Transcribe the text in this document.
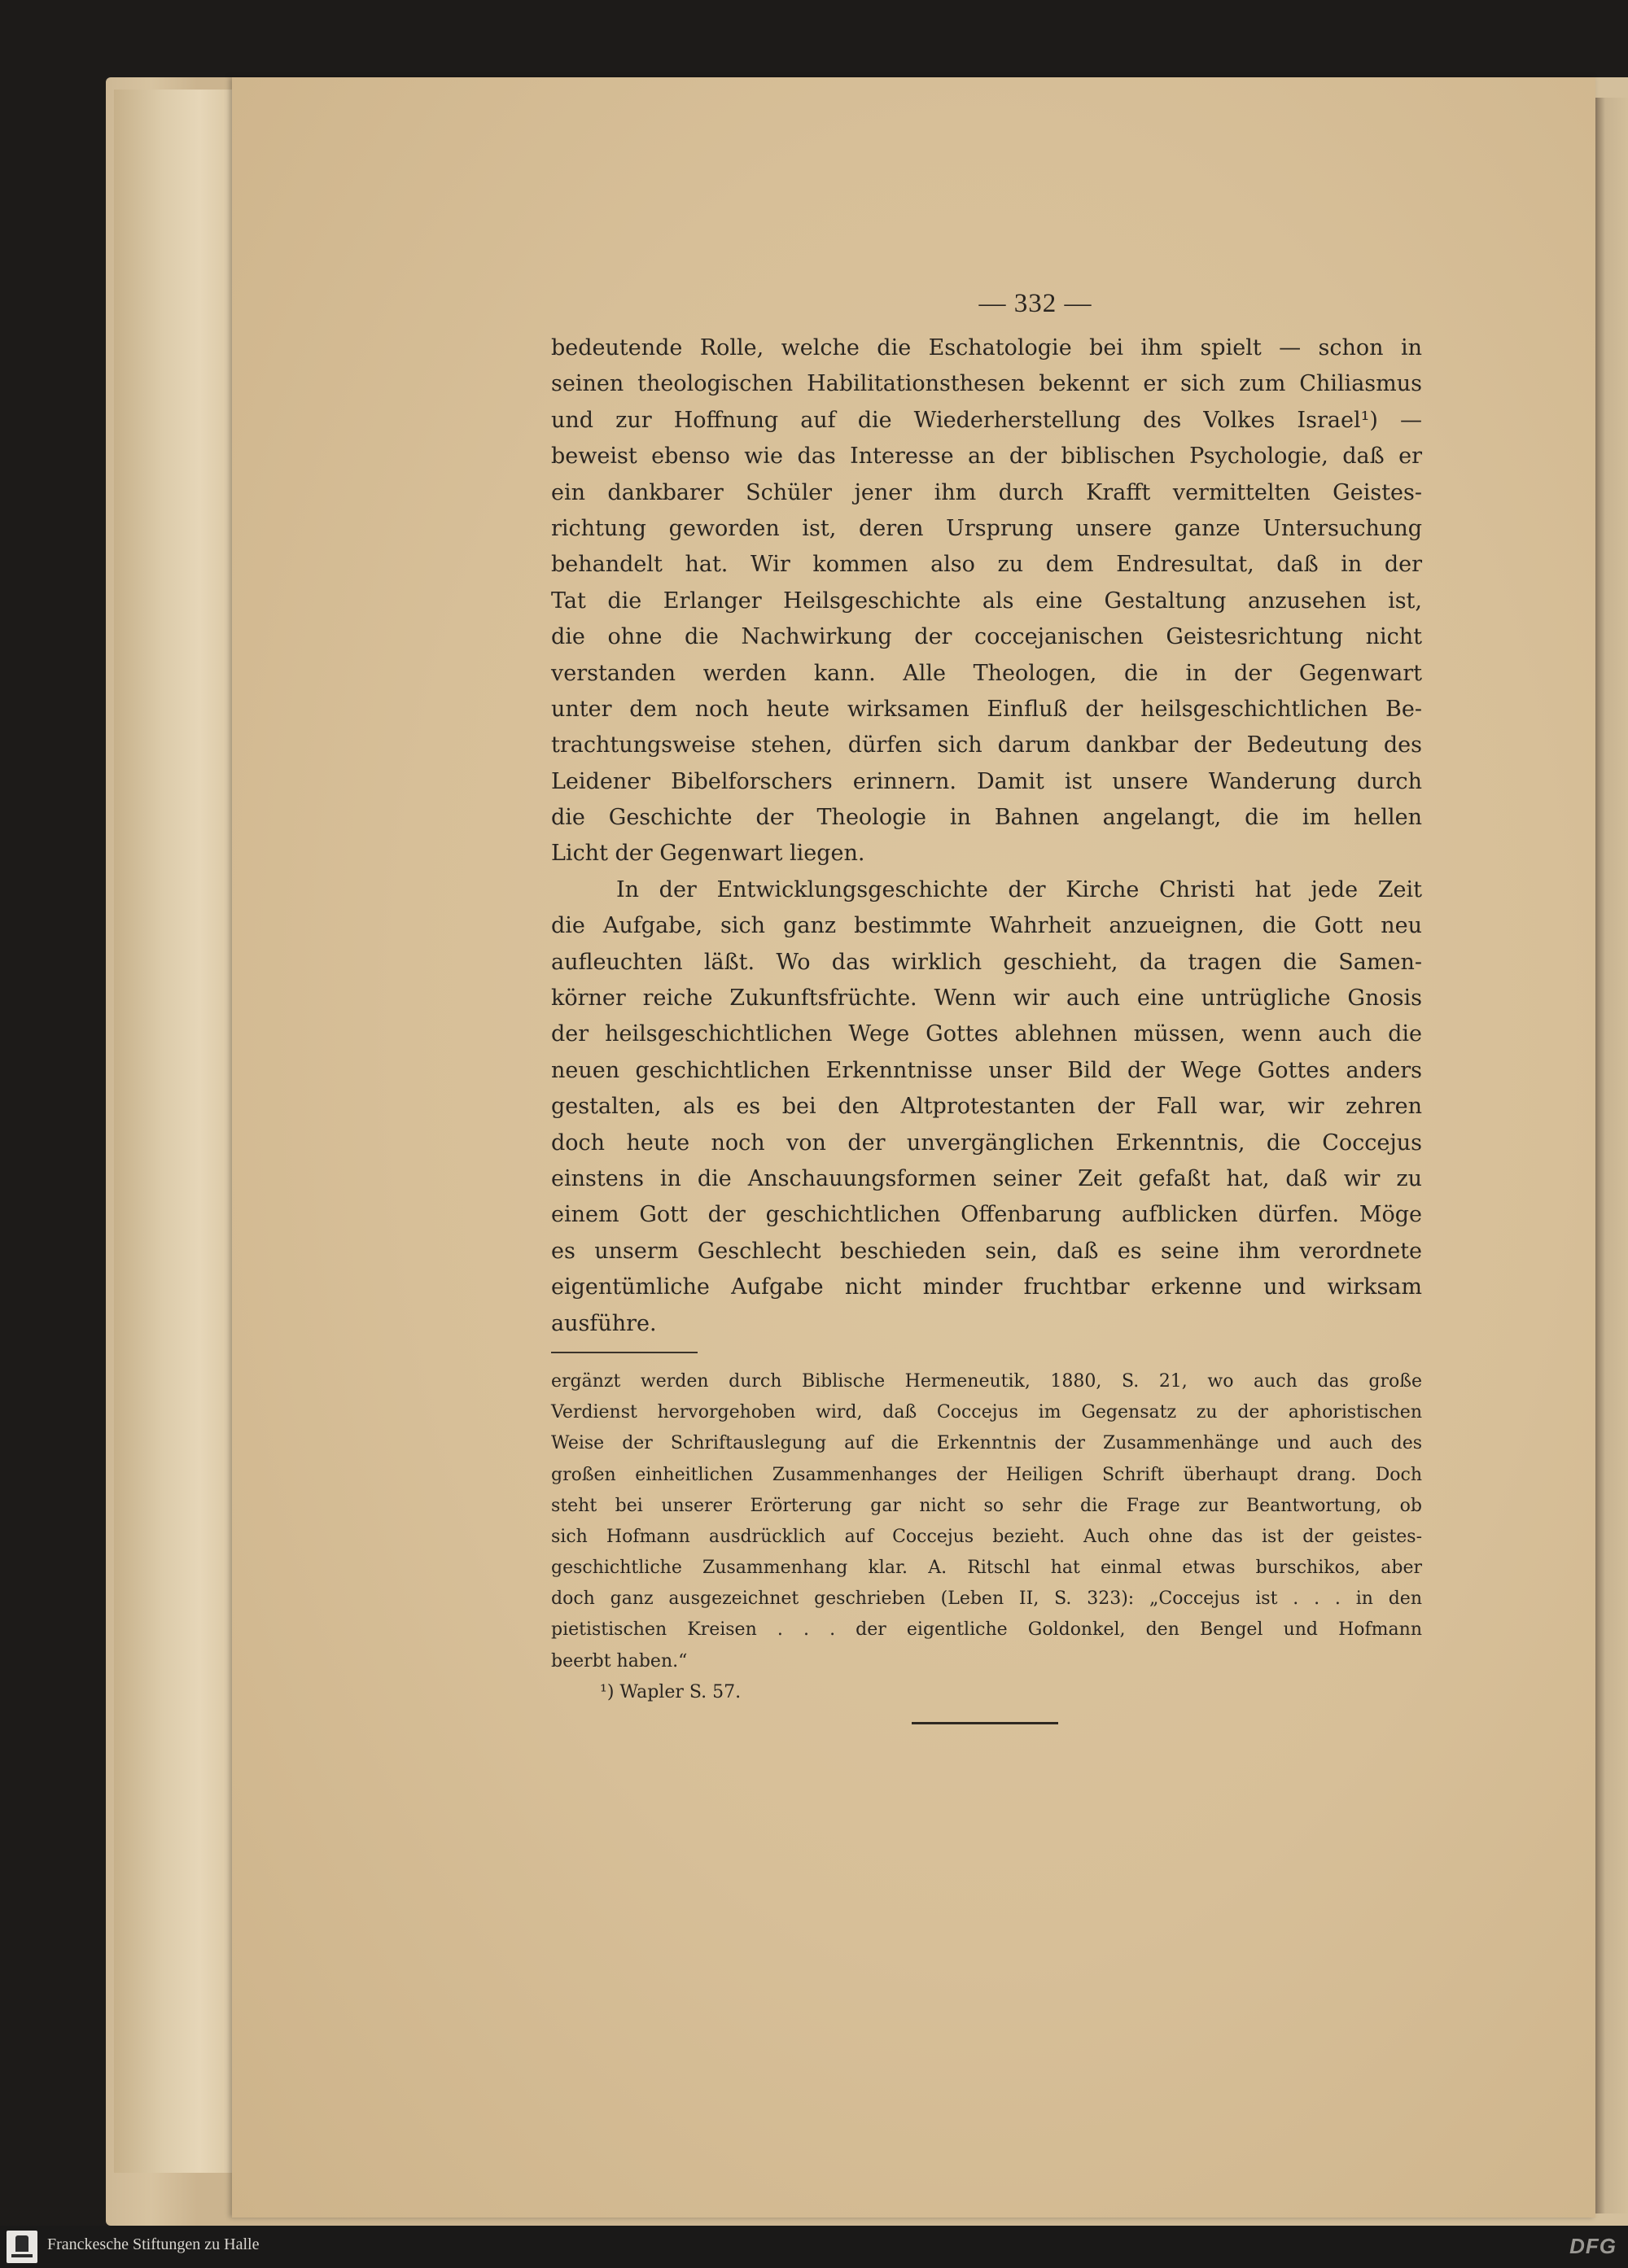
— 332 —
bedeutende Rolle, welche die Eschatologie bei ihm spielt — schon in
seinen theologischen Habilitationsthesen bekennt er sich zum Chiliasmus
und zur Hoffnung auf die Wiederherstellung des Volkes Israel¹) —
beweist ebenso wie das Interesse an der biblischen Psychologie, daß er
ein dankbarer Schüler jener ihm durch Krafft vermittelten Geistes-
richtung geworden ist, deren Ursprung unsere ganze Untersuchung
behandelt hat. Wir kommen also zu dem Endresultat, daß in der
Tat die Erlanger Heilsgeschichte als eine Gestaltung anzusehen ist,
die ohne die Nachwirkung der coccejanischen Geistesrichtung nicht
verstanden werden kann. Alle Theologen, die in der Gegenwart
unter dem noch heute wirksamen Einfluß der heilsgeschichtlichen Be-
trachtungsweise stehen, dürfen sich darum dankbar der Bedeutung des
Leidener Bibelforschers erinnern. Damit ist unsere Wanderung durch
die Geschichte der Theologie in Bahnen angelangt, die im hellen
Licht der Gegenwart liegen.
In der Entwicklungsgeschichte der Kirche Christi hat jede Zeit
die Aufgabe, sich ganz bestimmte Wahrheit anzueignen, die Gott neu
aufleuchten läßt. Wo das wirklich geschieht, da tragen die Samen-
körner reiche Zukunftsfrüchte. Wenn wir auch eine untrügliche Gnosis
der heilsgeschichtlichen Wege Gottes ablehnen müssen, wenn auch die
neuen geschichtlichen Erkenntnisse unser Bild der Wege Gottes anders
gestalten, als es bei den Altprotestanten der Fall war, wir zehren
doch heute noch von der unvergänglichen Erkenntnis, die Coccejus
einstens in die Anschauungsformen seiner Zeit gefaßt hat, daß wir zu
einem Gott der geschichtlichen Offenbarung aufblicken dürfen. Möge
es unserm Geschlecht beschieden sein, daß es seine ihm verordnete
eigentümliche Aufgabe nicht minder fruchtbar erkenne und wirksam
ausführe.
ergänzt werden durch Biblische Hermeneutik, 1880, S. 21, wo auch das große
Verdienst hervorgehoben wird, daß Coccejus im Gegensatz zu der aphoristischen
Weise der Schriftauslegung auf die Erkenntnis der Zusammenhänge und auch des
großen einheitlichen Zusammenhanges der Heiligen Schrift überhaupt drang. Doch
steht bei unserer Erörterung gar nicht so sehr die Frage zur Beantwortung, ob
sich Hofmann ausdrücklich auf Coccejus bezieht. Auch ohne das ist der geistes-
geschichtliche Zusammenhang klar. A. Ritschl hat einmal etwas burschikos, aber
doch ganz ausgezeichnet geschrieben (Leben II, S. 323): „Coccejus ist . . . in den
pietistischen Kreisen . . . der eigentliche Goldonkel, den Bengel und Hofmann
beerbt haben.“
¹) Wapler S. 57.
Franckesche Stiftungen zu Halle	DFG
